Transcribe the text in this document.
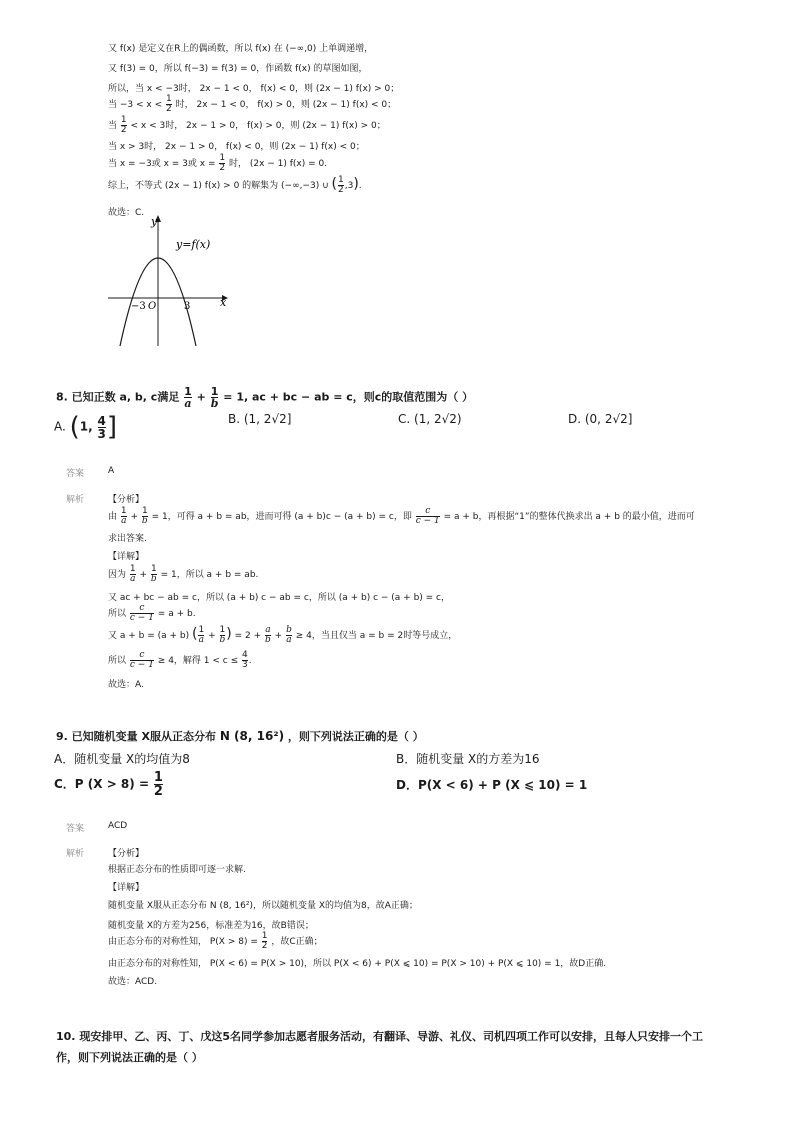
又 f(x) 是定义在R上的偶函数，所以 f(x) 在 (−∞,0) 上单调递增，
又 f(3) = 0，所以 f(−3) = f(3) = 0，作函数 f(x) 的草图如图，
所以，当 x < −3时， 2x − 1 < 0， f(x) < 0，则 (2x − 1) f(x) > 0；
当 $-3 < x < \frac{1}{2}$ 时， 2x − 1 < 0， f(x) > 0，则 (2x − 1) f(x) < 0；
当 $\frac{1}{2} < x < 3$时， 2x − 1 > 0， f(x) > 0，则 (2x − 1) f(x) > 0；
当 x > 3时， 2x − 1 > 0， f(x) < 0，则 (2x − 1) f(x) < 0；
当 x = −3或 x = 3或 $x = \frac{1}{2}$ 时， (2x − 1) f(x) = 0.
综上，不等式 (2x − 1) f(x) > 0 的解集为 (−∞,−3) ∪ ( $\frac{1}{2} ,3$).
故选：C.
y
x
y=f(x)
−3 O	3
8. 已知正数 a, b, c满足 $\frac{1}{a} + \frac{1}{b} = 1$, ac + bc − ab = c，则c的取值范围为（ ）
A. (1, $\frac{4}{3}$ ]	B. (1, 2√2]	C. (1, 2√2)	D. (0, 2√2]
答案	A
解析	【分析】
由 $\frac{1}{a} + \frac{1}{b} = 1$，可得 a + b = ab，进而可得 (a + b)c − (a + b) = c，即 $\frac{c}{c - 1} = a + b$，再根据“1”的整体代换求出 a + b 的最小值，进而可
求出答案.
【详解】
因为 $\frac{1}{a} + \frac{1}{b} = 1$，所以 a + b = ab.
又 ac + bc − ab = c，所以 (a + b) c − ab = c，所以 (a + b) c − (a + b) = c，
所以 $\frac{c}{c - 1} = a + b$.
又 a + b = (a + b) ( $\frac{1}{a} + \frac{1}{b}$ ) = $2 + \frac{a}{b} + \frac{b}{a} \ge 4$，当且仅当 a = b = 2时等号成立，
所以 $\frac{c}{c - 1} \ge 4$，解得 $1 < c \le \frac{4}{3}$ .
故选：A.
9. 已知随机变量 X服从正态分布 N (8, 16²) ，则下列说法正确的是（ ）
A．随机变量 X的均值为8	B．随机变量 X的方差为16
C．P $(X > 8) = \frac{1}{2}$	D．P(X < 6) + P (X ⩽ 10) = 1
答案	ACD
解析	【分析】
根据正态分布的性质即可逐一求解.
【详解】
随机变量 X服从正态分布 N (8, 16²)，所以随机变量 X的均值为8，故A正确；
随机变量 X的方差为256，标准差为16，故B错误；
由正态分布的对称性知， $P(X > 8) = \frac{1}{2}$ ，故C正确；
由正态分布的对称性知， P(X < 6) = P(X > 10)，所以 P(X < 6) + P(X ⩽ 10) = P(X > 10) + P(X ⩽ 10) = 1，故D正确.
故选：ACD.
10. 现安排甲、乙、丙、丁、戊这5名同学参加志愿者服务活动，有翻译、导游、礼仪、司机四项工作可以安排，且每人只安排一个工
作，则下列说法正确的是（ ）
